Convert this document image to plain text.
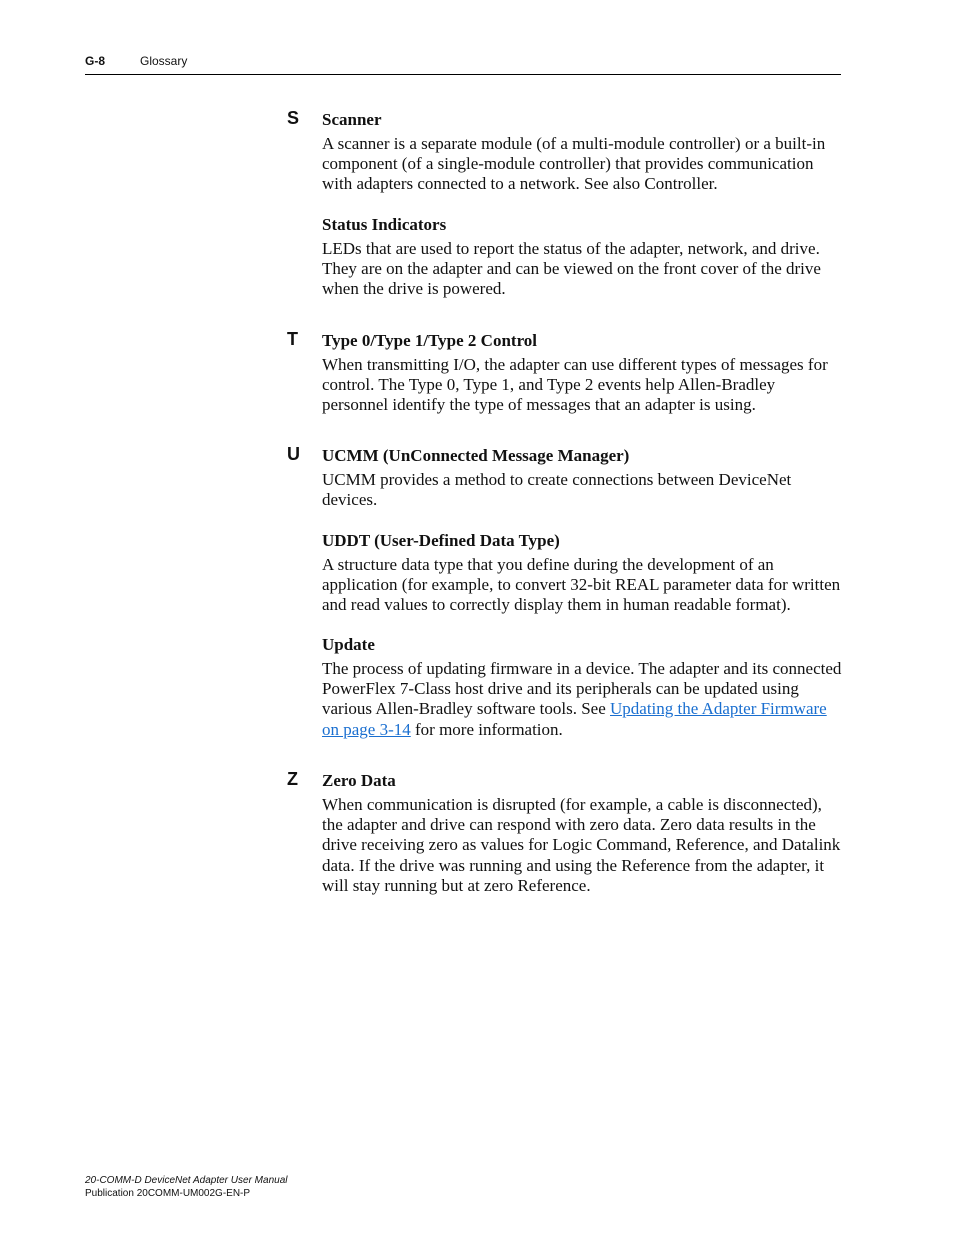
G-8	Glossary
S Scanner

A scanner is a separate module (of a multi-module controller) or a built-in component (of a single-module controller) that provides communication with adapters connected to a network. See also Controller.

Status Indicators

LEDs that are used to report the status of the adapter, network, and drive. They are on the adapter and can be viewed on the front cover of the drive when the drive is powered.

T Type 0/Type 1/Type 2 Control

When transmitting I/O, the adapter can use different types of messages for control. The Type 0, Type 1, and Type 2 events help Allen-Bradley personnel identify the type of messages that an adapter is using.

U UCMM (UnConnected Message Manager)

UCMM provides a method to create connections between DeviceNet devices.

UDDT (User-Defined Data Type)

A structure data type that you define during the development of an application (for example, to convert 32-bit REAL parameter data for written and read values to correctly display them in human readable format).

Update

The process of updating firmware in a device. The adapter and its connected PowerFlex 7-Class host drive and its peripherals can be updated using various Allen-Bradley software tools. See Updating the Adapter Firmware on page 3-14 for more information.

Z Zero Data

When communication is disrupted (for example, a cable is disconnected), the adapter and drive can respond with zero data. Zero data results in the drive receiving zero as values for Logic Command, Reference, and Datalink data. If the drive was running and using the Reference from the adapter, it will stay running but at zero Reference.

20-COMM-D DeviceNet Adapter User Manual
Publication 20COMM-UM002G-EN-P
